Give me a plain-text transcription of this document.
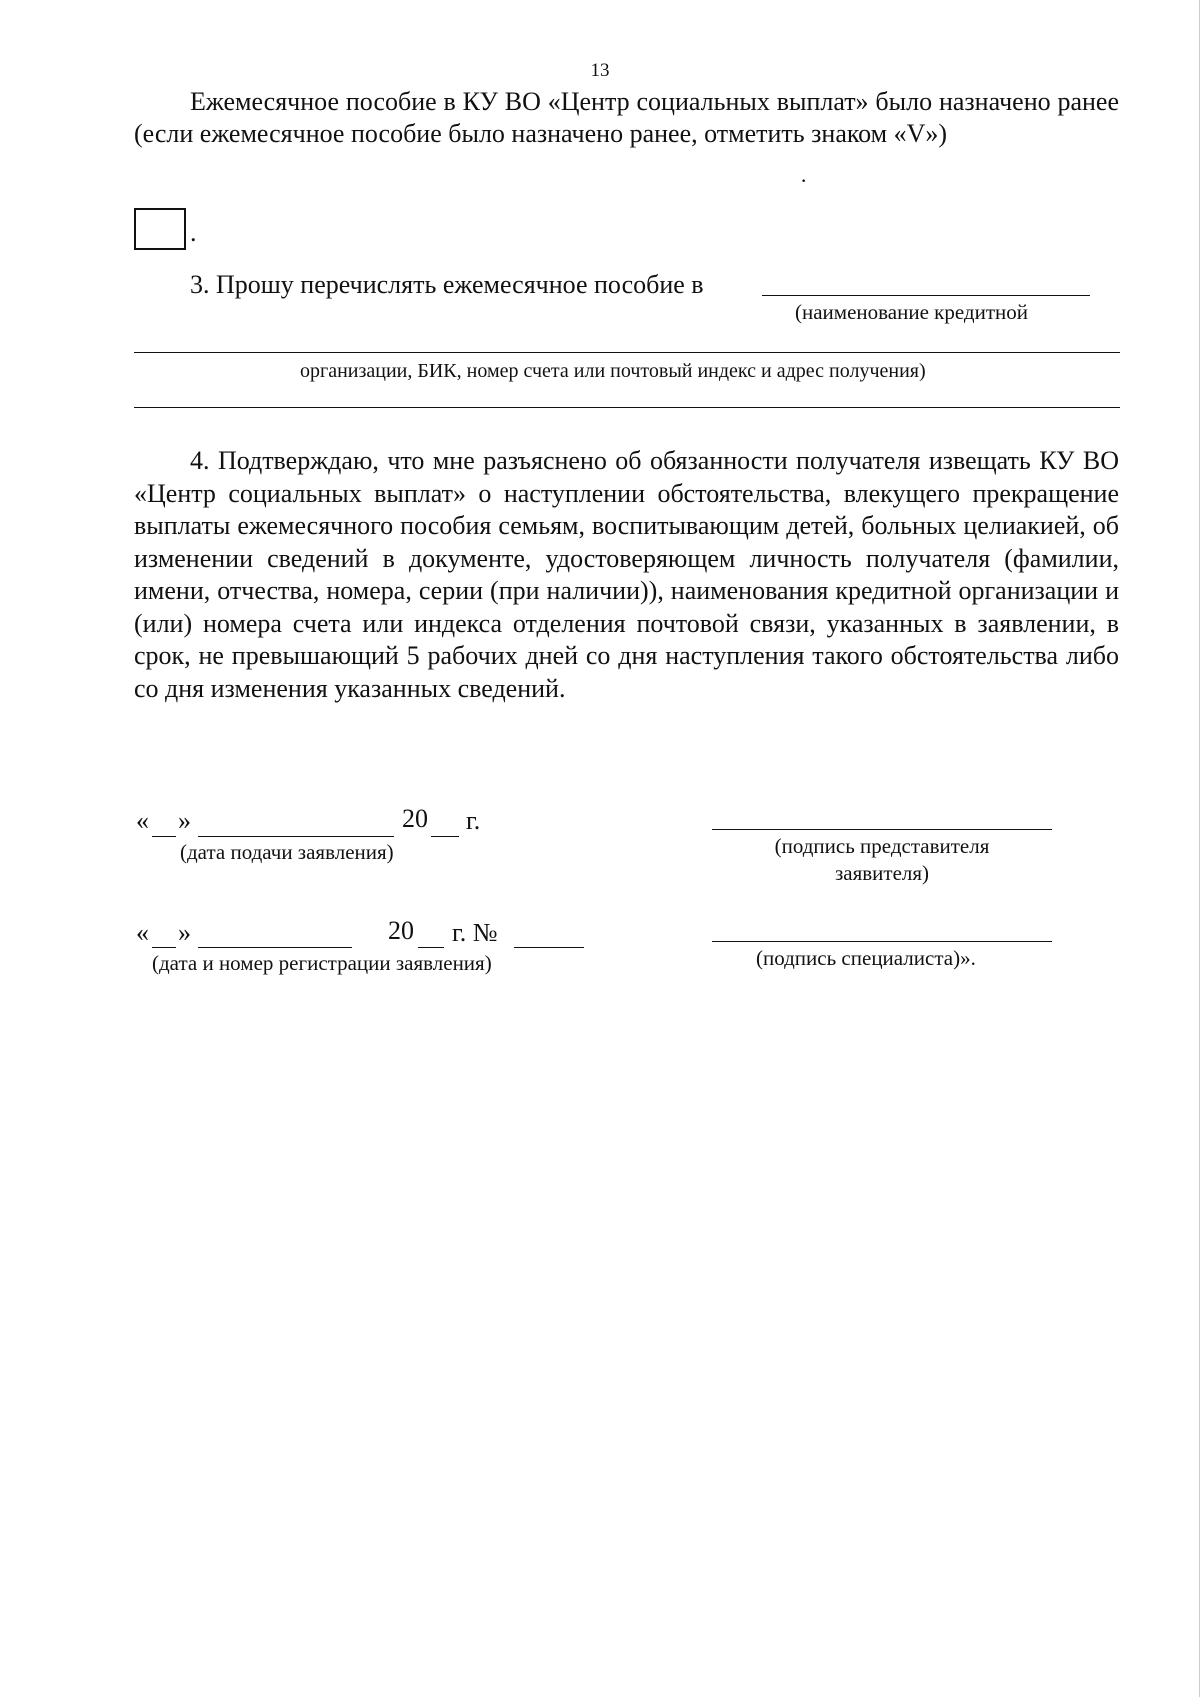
13
Ежемесячное пособие в КУ ВО «Центр социальных выплат» было назначено ранее (если ежемесячное пособие было назначено ранее, отметить знаком «V»)
·
.
3. Прошу перечислять ежемесячное пособие в
(наименование кредитной
организации, БИК, номер счета или почтовый индекс и адрес получения)
4. Подтверждаю, что мне разъяснено об обязанности получателя извещать КУ ВО «Центр социальных выплат» о наступлении обстоятельства, влекущего прекращение выплаты ежемесячного пособия семьям, воспитывающим детей, больных целиакией, об изменении сведений в документе, удостоверяющем личность получателя (фамилии, имени, отчества, номера, серии (при наличии)), наименования кредитной организации и (или) номера счета или индекса отделения почтовой связи, указанных в заявлении, в срок, не превышающий 5 рабочих дней со дня наступления такого обстоятельства либо со дня изменения указанных сведений.
« »	20 г.
(дата подачи заявления)	(подпись представителя
заявителя)
« »	20 г. №
(дата и номер регистрации заявления)	(подпись специалиста)».
